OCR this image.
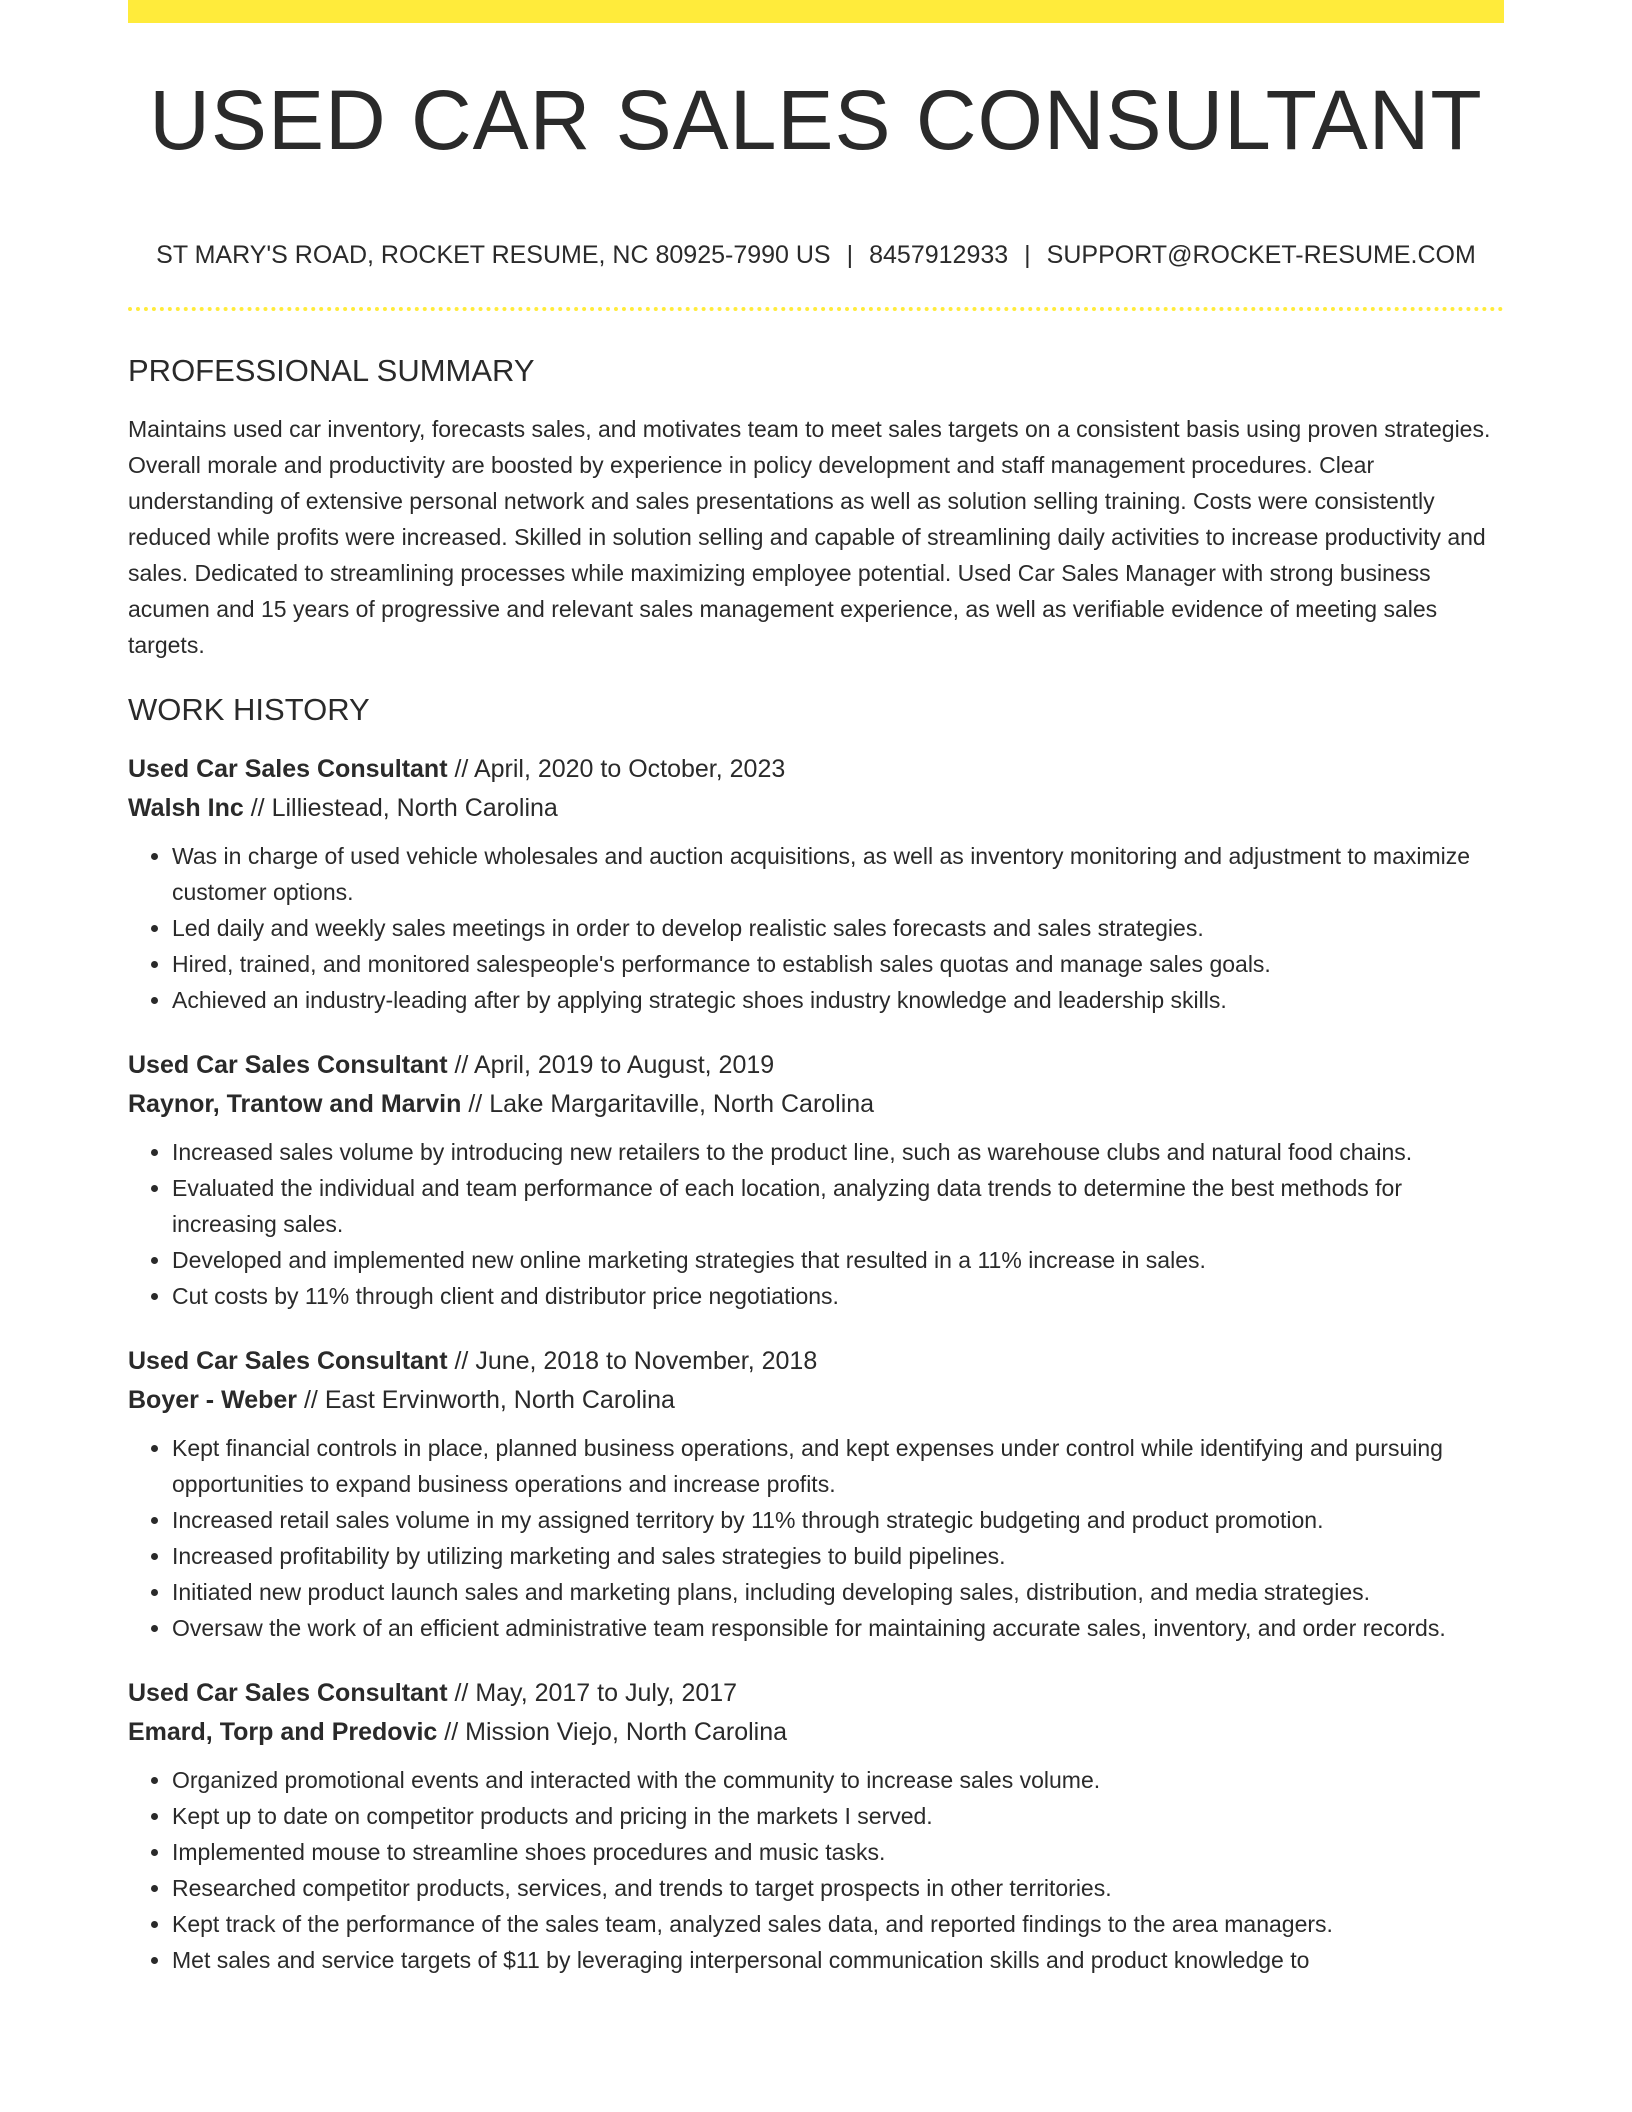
USED CAR SALES CONSULTANT
ST MARY'S ROAD, ROCKET RESUME, NC 80925-7990 US | 8457912933 | SUPPORT@ROCKET-RESUME.COM
PROFESSIONAL SUMMARY

Maintains used car inventory, forecasts sales, and motivates team to meet sales targets on a consistent basis using proven strategies. Overall morale and productivity are boosted by experience in policy development and staff management procedures. Clear understanding of extensive personal network and sales presentations as well as solution selling training. Costs were consistently reduced while profits were increased. Skilled in solution selling and capable of streamlining daily activities to increase productivity and sales. Dedicated to streamlining processes while maximizing employee potential. Used Car Sales Manager with strong business acumen and 15 years of progressive and relevant sales management experience, as well as verifiable evidence of meeting sales targets.

WORK HISTORY
Used Car Sales Consultant // April, 2020 to October, 2023
Walsh Inc // Lilliestead, North Carolina
• Was in charge of used vehicle wholesales and auction acquisitions, as well as inventory monitoring and adjustment to maximize customer options.
• Led daily and weekly sales meetings in order to develop realistic sales forecasts and sales strategies.
• Hired, trained, and monitored salespeople's performance to establish sales quotas and manage sales goals.
• Achieved an industry-leading after by applying strategic shoes industry knowledge and leadership skills.
Used Car Sales Consultant // April, 2019 to August, 2019
Raynor, Trantow and Marvin // Lake Margaritaville, North Carolina
• Increased sales volume by introducing new retailers to the product line, such as warehouse clubs and natural food chains.
• Evaluated the individual and team performance of each location, analyzing data trends to determine the best methods for increasing sales.
• Developed and implemented new online marketing strategies that resulted in a 11% increase in sales.
• Cut costs by 11% through client and distributor price negotiations.
Used Car Sales Consultant // June, 2018 to November, 2018
Boyer - Weber // East Ervinworth, North Carolina
• Kept financial controls in place, planned business operations, and kept expenses under control while identifying and pursuing opportunities to expand business operations and increase profits.
• Increased retail sales volume in my assigned territory by 11% through strategic budgeting and product promotion.
• Increased profitability by utilizing marketing and sales strategies to build pipelines.
• Initiated new product launch sales and marketing plans, including developing sales, distribution, and media strategies.
• Oversaw the work of an efficient administrative team responsible for maintaining accurate sales, inventory, and order records.
Used Car Sales Consultant // May, 2017 to July, 2017
Emard, Torp and Predovic // Mission Viejo, North Carolina
• Organized promotional events and interacted with the community to increase sales volume.
• Kept up to date on competitor products and pricing in the markets I served.
• Implemented mouse to streamline shoes procedures and music tasks.
• Researched competitor products, services, and trends to target prospects in other territories.
• Kept track of the performance of the sales team, analyzed sales data, and reported findings to the area managers.
• Met sales and service targets of $11 by leveraging interpersonal communication skills and product knowledge to
